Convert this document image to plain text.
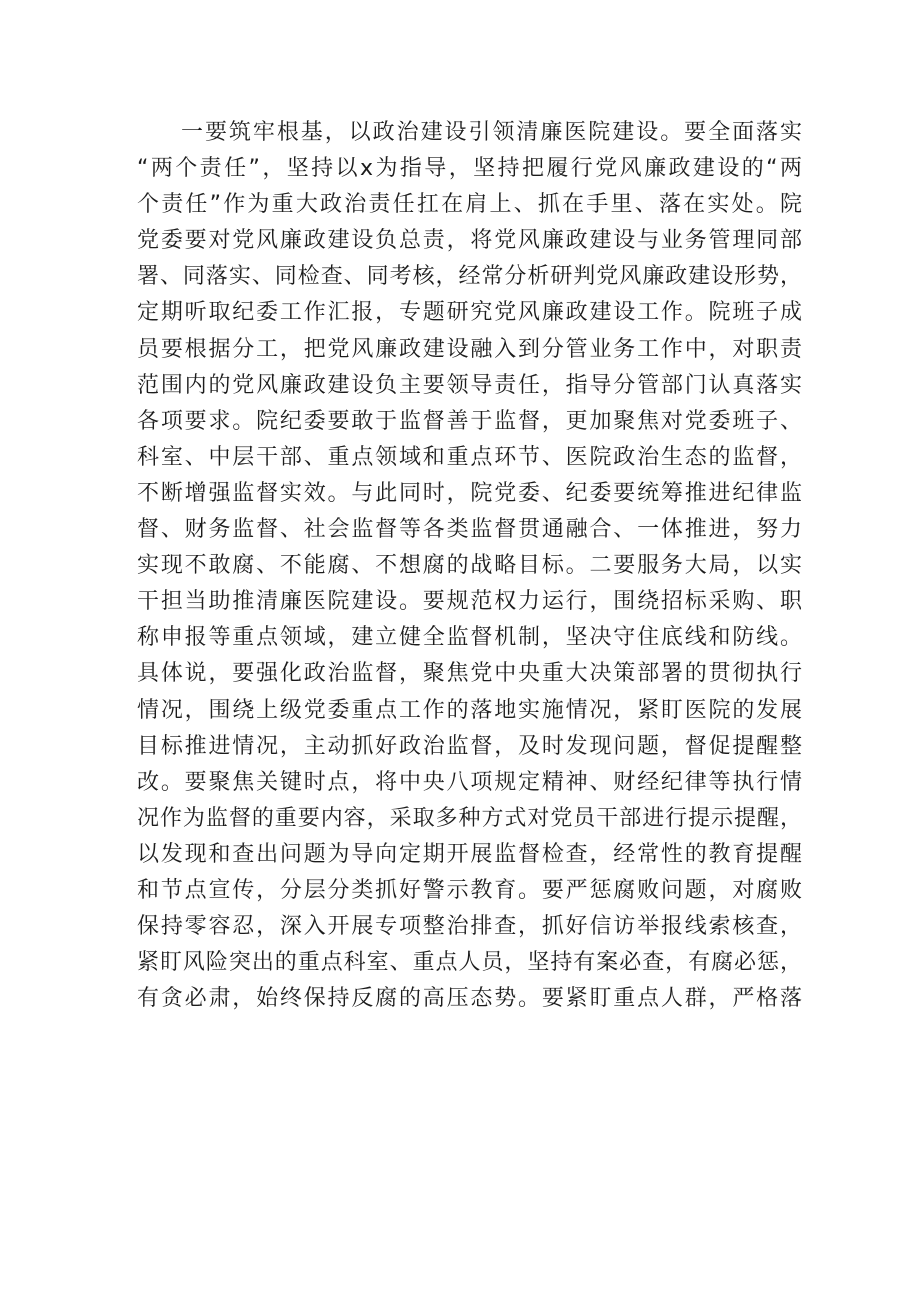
一要筑牢根基，以政治建设引领清廉医院建设。要全面落实
“两个责任”，坚持以x为指导，坚持把履行党风廉政建设的“两
个责任”作为重大政治责任扛在肩上、抓在手里、落在实处。院
党委要对党风廉政建设负总责，将党风廉政建设与业务管理同部
署、同落实、同检查、同考核，经常分析研判党风廉政建设形势，
定期听取纪委工作汇报，专题研究党风廉政建设工作。院班子成
员要根据分工，把党风廉政建设融入到分管业务工作中，对职责
范围内的党风廉政建设负主要领导责任，指导分管部门认真落实
各项要求。院纪委要敢于监督善于监督，更加聚焦对党委班子、
科室、中层干部、重点领域和重点环节、医院政治生态的监督，
不断增强监督实效。与此同时，院党委、纪委要统筹推进纪律监
督、财务监督、社会监督等各类监督贯通融合、一体推进，努力
实现不敢腐、不能腐、不想腐的战略目标。二要服务大局，以实
干担当助推清廉医院建设。要规范权力运行，围绕招标采购、职
称申报等重点领域，建立健全监督机制，坚决守住底线和防线。
具体说，要强化政治监督，聚焦党中央重大决策部署的贯彻执行
情况，围绕上级党委重点工作的落地实施情况，紧盯医院的发展
目标推进情况，主动抓好政治监督，及时发现问题，督促提醒整
改。要聚焦关键时点，将中央八项规定精神、财经纪律等执行情
况作为监督的重要内容，采取多种方式对党员干部进行提示提醒，
以发现和查出问题为导向定期开展监督检查，经常性的教育提醒
和节点宣传，分层分类抓好警示教育。要严惩腐败问题，对腐败
保持零容忍，深入开展专项整治排查，抓好信访举报线索核查，
紧盯风险突出的重点科室、重点人员，坚持有案必查，有腐必惩，
有贪必肃，始终保持反腐的高压态势。要紧盯重点人群，严格落
